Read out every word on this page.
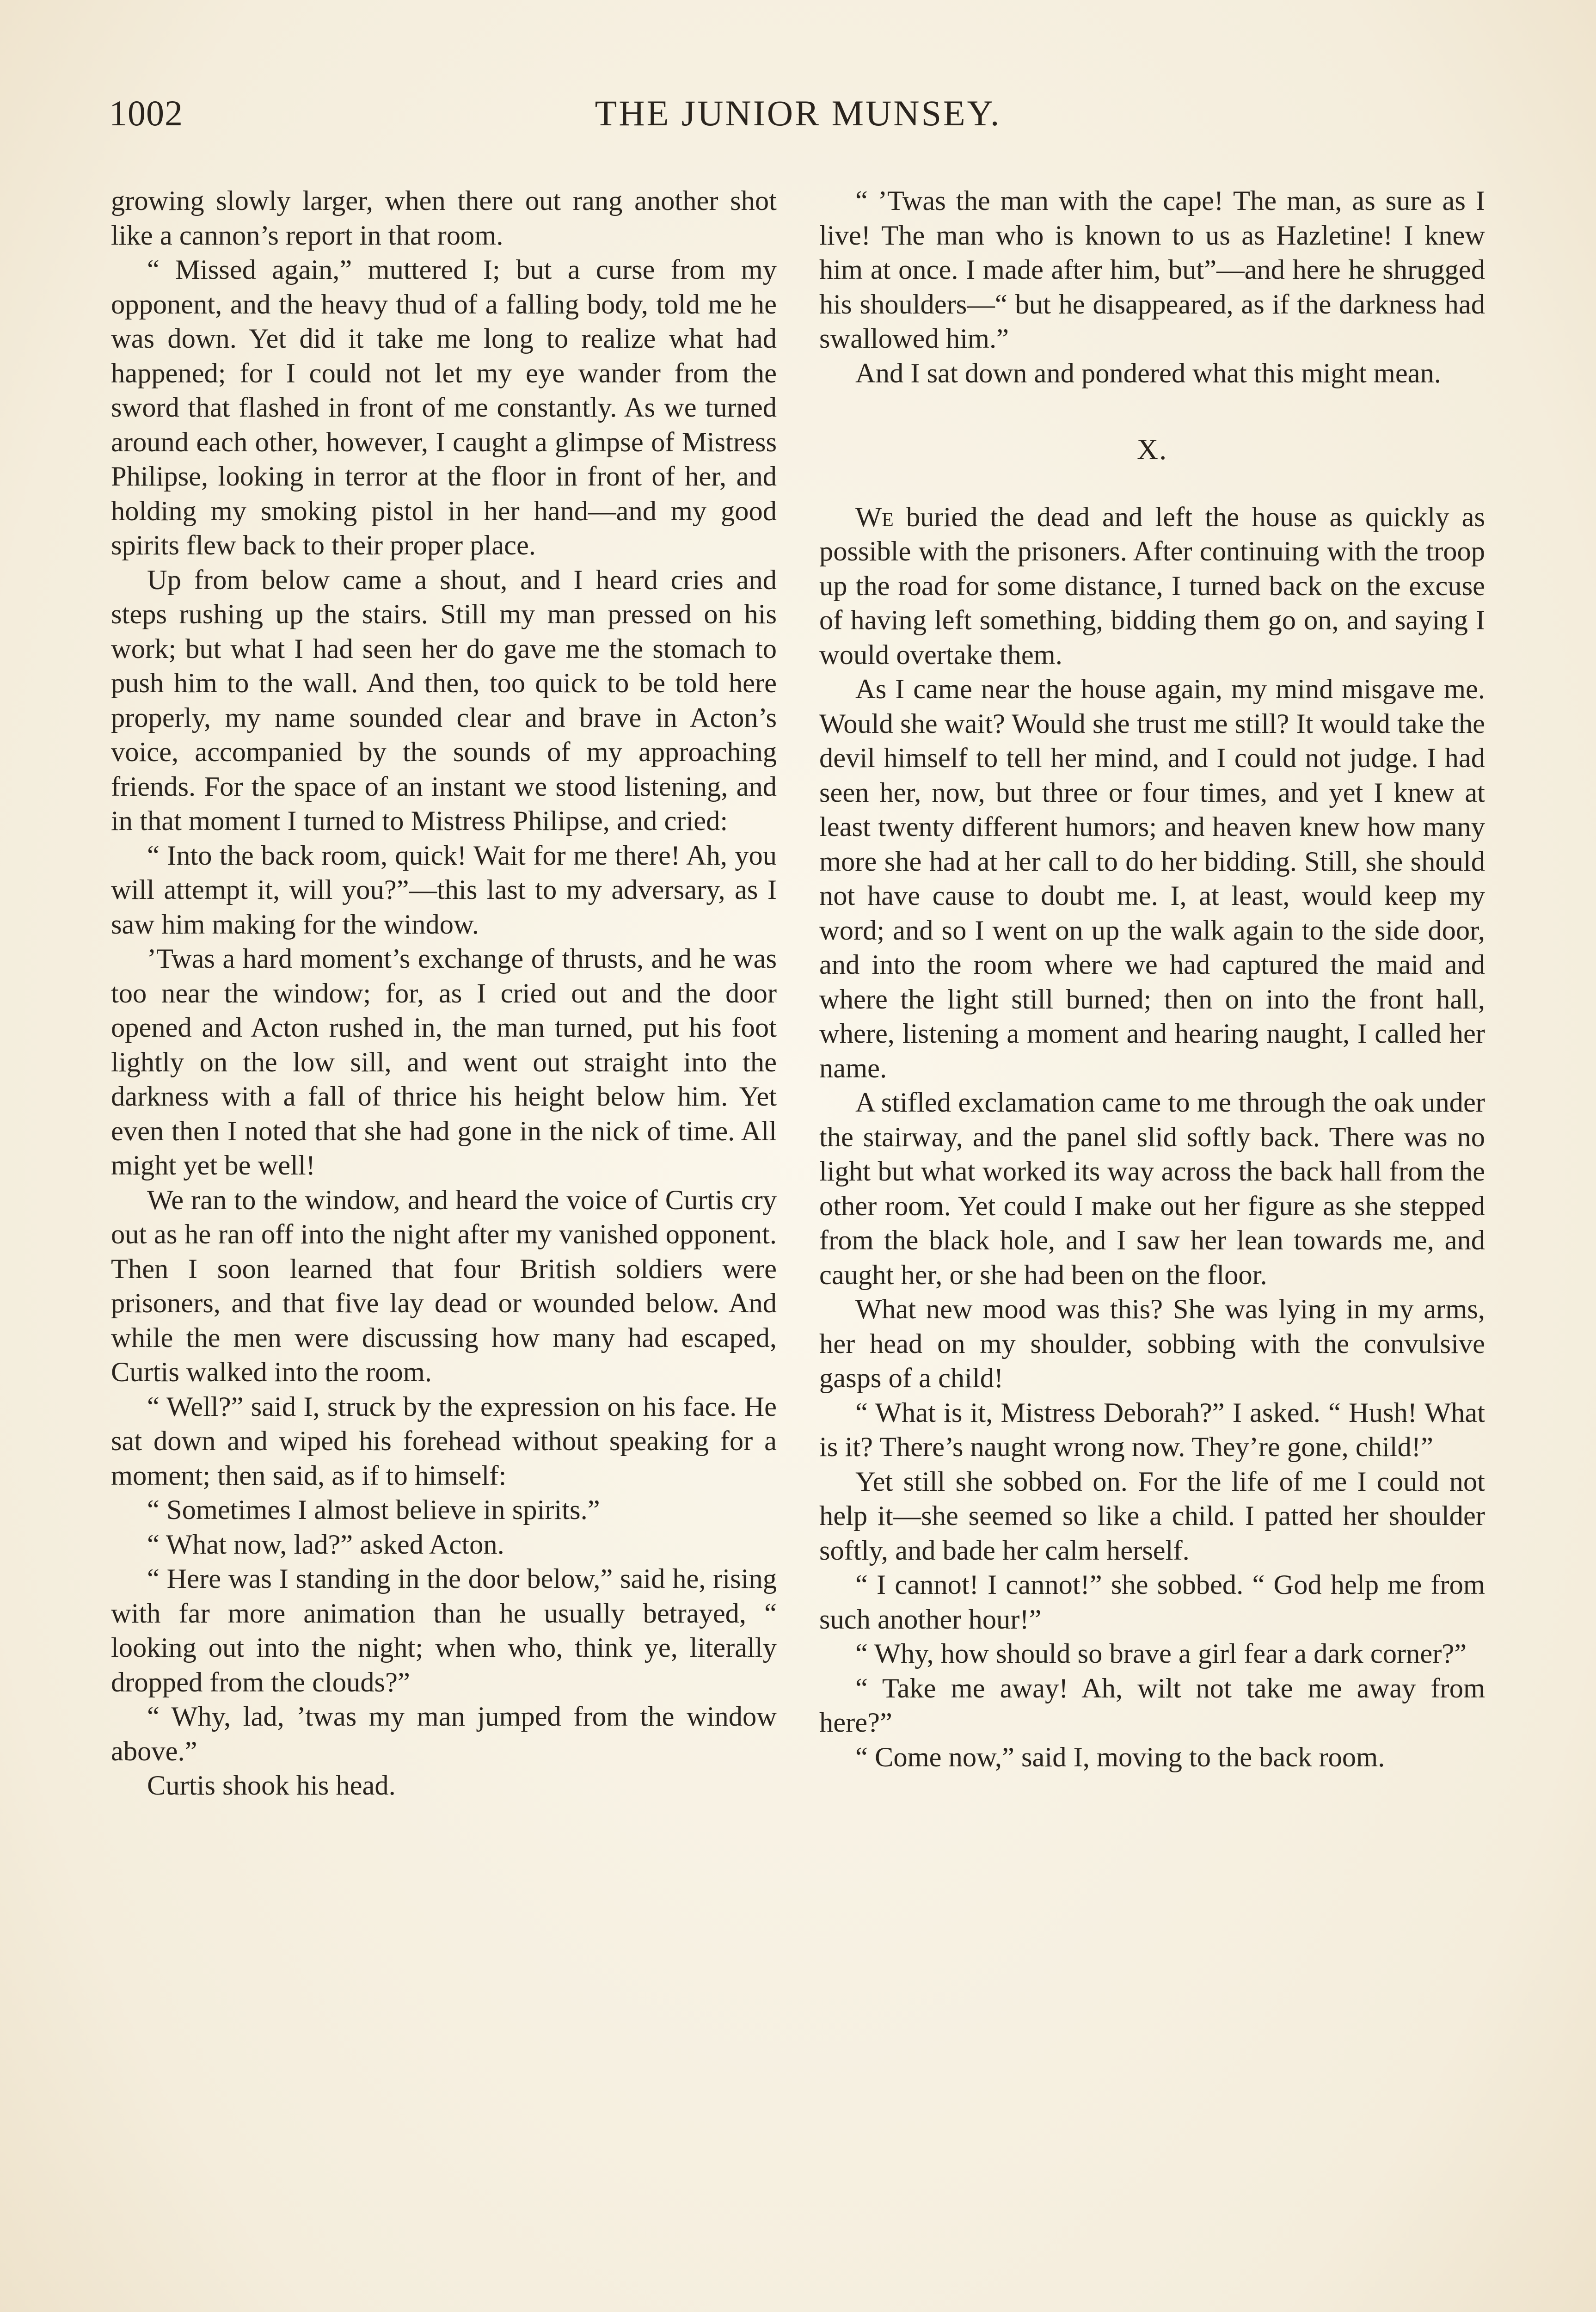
1002	THE JUNIOR MUNSEY.

growing slowly larger, when there out rang another shot like a cannon’s report in that room.

“ Missed again,” muttered I; but a curse from my opponent, and the heavy thud of a falling body, told me he was down. Yet did it take me long to realize what had happened; for I could not let my eye wander from the sword that flashed in front of me constantly. As we turned around each other, however, I caught a glimpse of Mistress Philipse, looking in terror at the floor in front of her, and holding my smoking pistol in her hand—and my good spirits flew back to their proper place.

Up from below came a shout, and I heard cries and steps rushing up the stairs. Still my man pressed on his work; but what I had seen her do gave me the stomach to push him to the wall. And then, too quick to be told here properly, my name sounded clear and brave in Acton’s voice, accompanied by the sounds of my approaching friends. For the space of an instant we stood listening, and in that moment I turned to Mistress Philipse, and cried:

“ Into the back room, quick! Wait for me there! Ah, you will attempt it, will you?”—this last to my adversary, as I saw him making for the window.

’Twas a hard moment’s exchange of thrusts, and he was too near the window; for, as I cried out and the door opened and Acton rushed in, the man turned, put his foot lightly on the low sill, and went out straight into the darkness with a fall of thrice his height below him. Yet even then I noted that she had gone in the nick of time. All might yet be well!

We ran to the window, and heard the voice of Curtis cry out as he ran off into the night after my vanished opponent. Then I soon learned that four British soldiers were prisoners, and that five lay dead or wounded below. And while the men were discussing how many had escaped, Curtis walked into the room.

“ Well?” said I, struck by the expression on his face. He sat down and wiped his forehead without speaking for a moment; then said, as if to himself:

“ Sometimes I almost believe in spirits.”

“ What now, lad?” asked Acton.

“ Here was I standing in the door below,” said he, rising with far more animation than he usually betrayed, “ looking out into the night; when who, think ye, literally dropped from the clouds?”

“ Why, lad, ’twas my man jumped from the window above.”

Curtis shook his head.

“ ’Twas the man with the cape! The man, as sure as I live! The man who is known to us as Hazletine! I knew him at once. I made after him, but”—and here he shrugged his shoulders—“ but he disappeared, as if the darkness had swallowed him.”

And I sat down and pondered what this might mean.

X.

We buried the dead and left the house as quickly as possible with the prisoners. After continuing with the troop up the road for some distance, I turned back on the excuse of having left something, bidding them go on, and saying I would overtake them.

As I came near the house again, my mind misgave me. Would she wait? Would she trust me still? It would take the devil himself to tell her mind, and I could not judge. I had seen her, now, but three or four times, and yet I knew at least twenty different humors; and heaven knew how many more she had at her call to do her bidding. Still, she should not have cause to doubt me. I, at least, would keep my word; and so I went on up the walk again to the side door, and into the room where we had captured the maid and where the light still burned; then on into the front hall, where, listening a moment and hearing naught, I called her name.

A stifled exclamation came to me through the oak under the stairway, and the panel slid softly back. There was no light but what worked its way across the back hall from the other room. Yet could I make out her figure as she stepped from the black hole, and I saw her lean towards me, and caught her, or she had been on the floor.

What new mood was this? She was lying in my arms, her head on my shoulder, sobbing with the convulsive gasps of a child!

“ What is it, Mistress Deborah?” I asked. “ Hush! What is it? There’s naught wrong now. They’re gone, child!”

Yet still she sobbed on. For the life of me I could not help it—she seemed so like a child. I patted her shoulder softly, and bade her calm herself.

“ I cannot! I cannot!” she sobbed. “ God help me from such another hour!”

“ Why, how should so brave a girl fear a dark corner?”

“ Take me away! Ah, wilt not take me away from here?”

“ Come now,” said I, moving to the back room.
